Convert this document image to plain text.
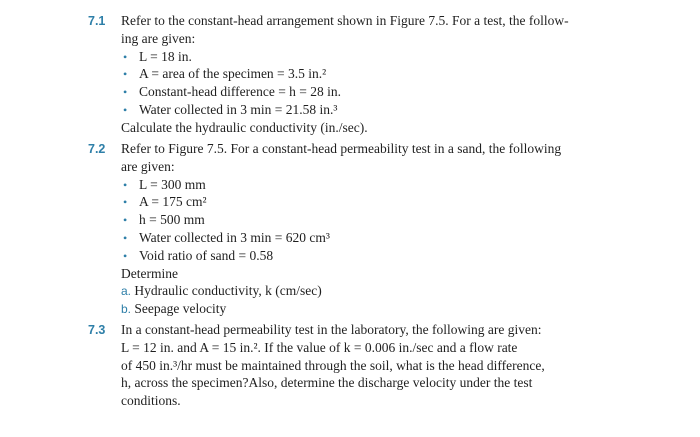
7.1 Refer to the constant-head arrangement shown in Figure 7.5. For a test, the follow-
ing are given:
• L = 18 in.
• A = area of the specimen = 3.5 in.²
• Constant-head difference = h = 28 in.
• Water collected in 3 min = 21.58 in.³
Calculate the hydraulic conductivity (in./sec).
7.2 Refer to Figure 7.5. For a constant-head permeability test in a sand, the following
are given:
• L = 300 mm
• A = 175 cm²
• h = 500 mm
• Water collected in 3 min = 620 cm³
• Void ratio of sand = 0.58
Determine
a. Hydraulic conductivity, k (cm/sec)
b. Seepage velocity
7.3 In a constant-head permeability test in the laboratory, the following are given:
L = 12 in. and A = 15 in.². If the value of k = 0.006 in./sec and a flow rate
of 450 in.³/hr must be maintained through the soil, what is the head difference,
h, across the specimen?Also, determine the discharge velocity under the test
conditions.
